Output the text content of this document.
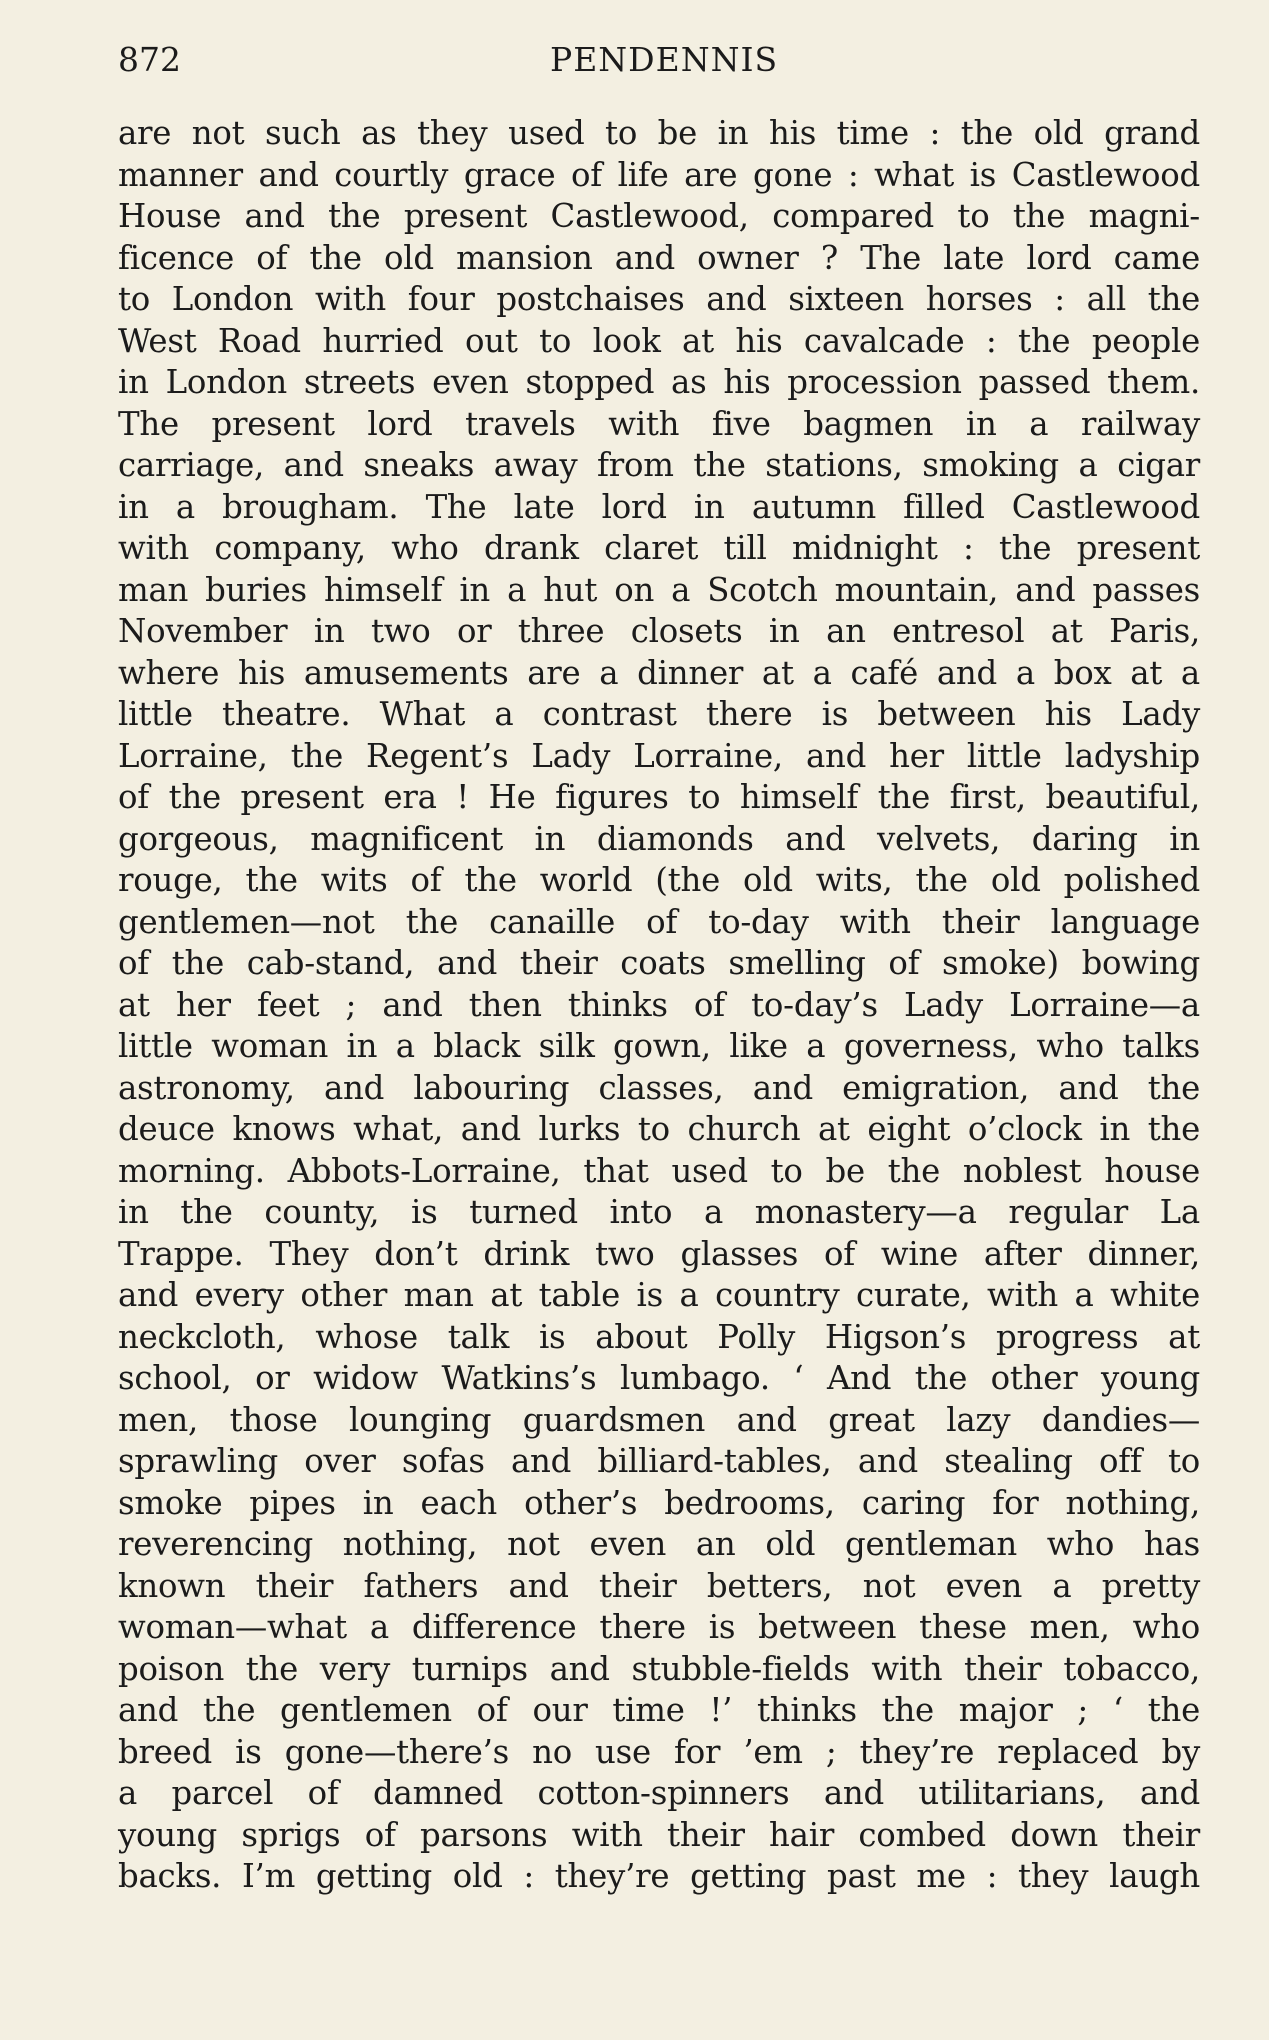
872	PENDENNIS
are not such as they used to be in his time : the old grand
manner and courtly grace of life are gone : what is Castlewood
House and the present Castlewood, compared to the magni-
ficence of the old mansion and owner ? The late lord came
to London with four postchaises and sixteen horses : all the
West Road hurried out to look at his cavalcade : the people
in London streets even stopped as his procession passed them.
The present lord travels with five bagmen in a railway
carriage, and sneaks away from the stations, smoking a cigar
in a brougham. The late lord in autumn filled Castlewood
with company, who drank claret till midnight : the present
man buries himself in a hut on a Scotch mountain, and passes
November in two or three closets in an entresol at Paris,
where his amusements are a dinner at a café and a box at a
little theatre. What a contrast there is between his Lady
Lorraine, the Regent’s Lady Lorraine, and her little ladyship
of the present era ! He figures to himself the first, beautiful,
gorgeous, magnificent in diamonds and velvets, daring in
rouge, the wits of the world (the old wits, the old polished
gentlemen—not the canaille of to-day with their language
of the cab-stand, and their coats smelling of smoke) bowing
at her feet ; and then thinks of to-day’s Lady Lorraine—a
little woman in a black silk gown, like a governess, who talks
astronomy, and labouring classes, and emigration, and the
deuce knows what, and lurks to church at eight o’clock in the
morning. Abbots-Lorraine, that used to be the noblest house
in the county, is turned into a monastery—a regular La
Trappe. They don’t drink two glasses of wine after dinner,
and every other man at table is a country curate, with a white
neckcloth, whose talk is about Polly Higson’s progress at
school, or widow Watkins’s lumbago. ‘ And the other young
men, those lounging guardsmen and great lazy dandies—
sprawling over sofas and billiard-tables, and stealing off to
smoke pipes in each other’s bedrooms, caring for nothing,
reverencing nothing, not even an old gentleman who has
known their fathers and their betters, not even a pretty
woman—what a difference there is between these men, who
poison the very turnips and stubble-fields with their tobacco,
and the gentlemen of our time !’ thinks the major ; ‘ the
breed is gone—there’s no use for ’em ; they’re replaced by
a parcel of damned cotton-spinners and utilitarians, and
young sprigs of parsons with their hair combed down their
backs. I’m getting old : they’re getting past me : they laugh
